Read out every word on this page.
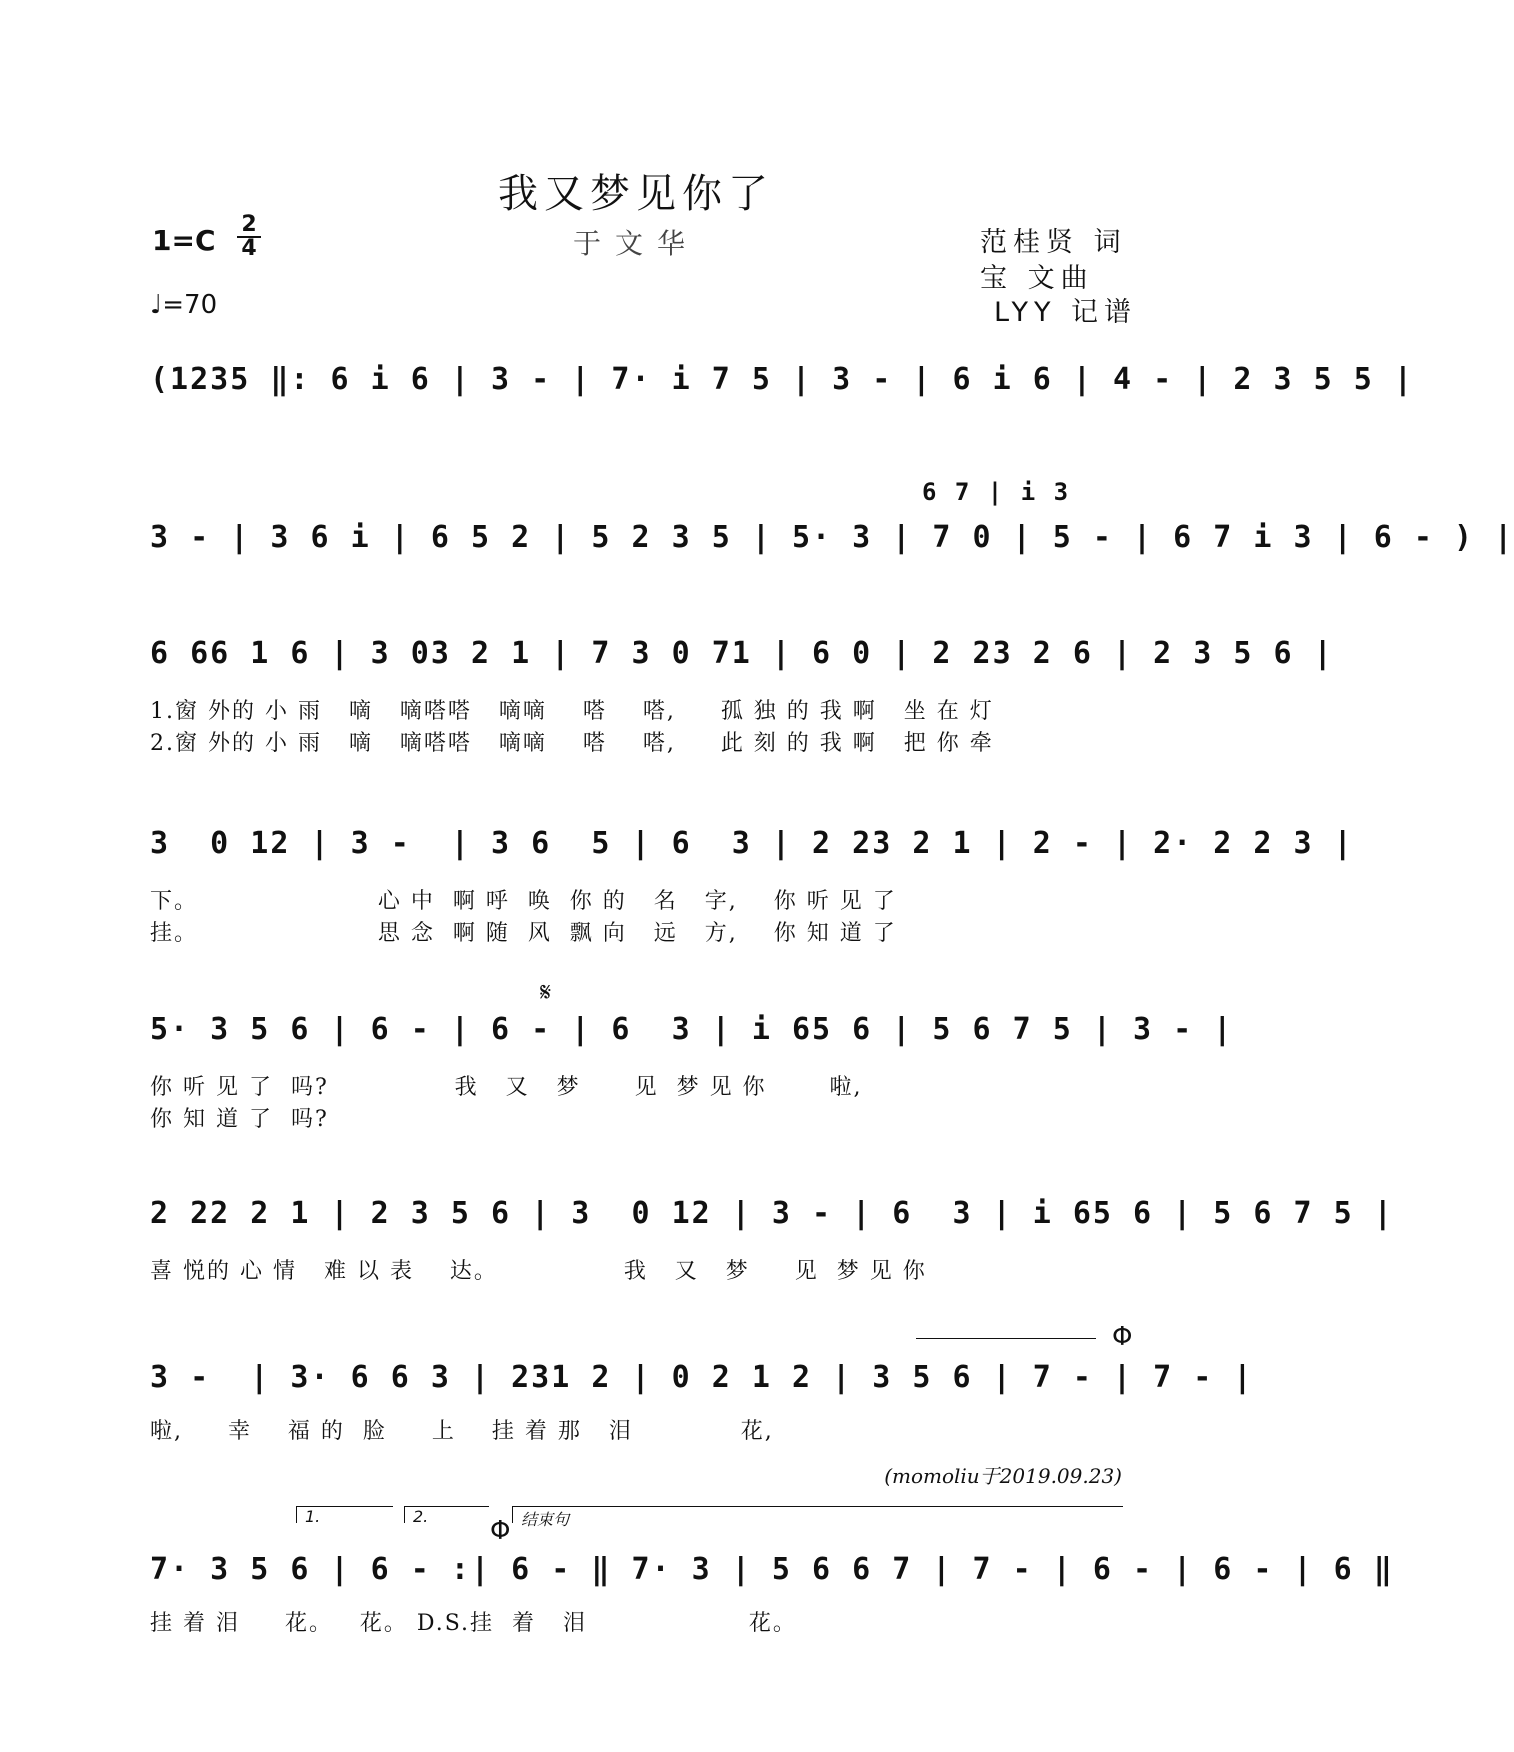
我又梦见你了
于文华
1=C 2
4
♩=70
范桂贤 词
宝 文曲
LYY 记谱
(1235 ‖: 6 i 6 | 3 - | 7· i 7 5 | 3 - | 6 i 6 | 4 - | 2 3 5 5 |
6 7 | i 3
3 - | 3 6 i | 6 5 2 | 5 2 3 5 | 5· 3 | 7 0 | 5 - | 6 7 i 3 | 6 - ) |
6 66 1 6 | 3 03 2 1 | 7 3 0 71 | 6 0 | 2 23 2 6 | 2 3 5 6 |
1.窗 外的 小 雨   嘀   嘀嗒嗒   嘀嘀    嗒    嗒,     孤 独 的 我 啊   坐 在 灯
2.窗 外的 小 雨   嘀   嘀嗒嗒   嘀嘀    嗒    嗒,     此 刻 的 我 啊   把 你 牵
3  0 12 | 3 -  | 3 6  5 | 6  3 | 2 23 2 1 | 2 - | 2· 2 2 3 |
下。                    心 中  啊 呼  唤  你 的   名   字,    你 听 见 了
挂。                    思 念  啊 随  风  飘 向   远   方,    你 知 道 了
𝄋
5· 3 5 6 | 6 - | 6 - | 6  3 | i 65 6 | 5 6 7 5 | 3 - |
你 听 见 了  吗?              我   又   梦      见  梦 见 你       啦,
你 知 道 了  吗?
2 22 2 1 | 2 3 5 6 | 3  0 12 | 3 - | 6  3 | i 65 6 | 5 6 7 5 |
喜 悦的 心 情   难 以 表    达。              我   又   梦     见  梦 见 你
Φ
3 -  | 3· 6 6 3 | 231 2 | 0 2 1 2 | 3 5 6 | 7 - | 7 - |
啦,     幸    福 的  脸     上    挂 着 那   泪            花,
(momoliu于2019.09.23)
1.	2.	结束句
Φ
7· 3 5 6 | 6 - :| 6 - ‖ 7· 3 | 5 6 6 7 | 7 - | 6 - | 6 - | 6 ‖
挂 着 泪     花。   花。 D.S.挂  着   泪                  花。
